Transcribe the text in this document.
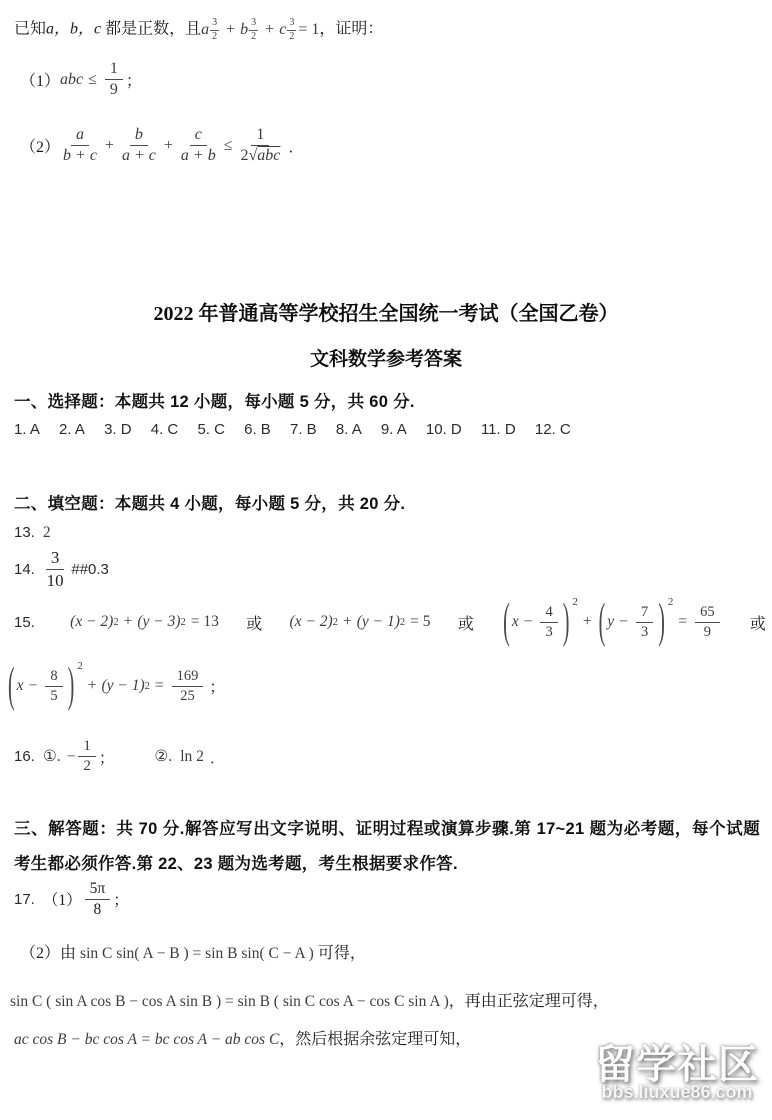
已知a，b，c 都是正数，且 a $\frac{3}{2} + b \frac{3}{2} + c \frac{3}{2} = 1$ ，证明：
（1） abc ≤ $\frac{1}{9}$ ；
$(2) \frac{a}{b + c} + \frac{b}{a + c} + \frac{c}{a + b} \le \frac{1}{\text{2√abc}}$ ．
2022 年普通高等学校招生全国统一考试（全国乙卷）
文科数学参考答案
一、选择题：本题共 12 小题，每小题 5 分，共 60 分.
1. A 2. A 3. D 4. C 5. C 6. B 7. B 8. A 9. A 10. D 11. D 12. C
二、填空题：本题共 4 小题，每小题 5 分，共 20 分.
13. 2
14. $\frac{3}{10}$ ##0.3
15. (x − 2) 2 + (y − 3) 2 = 13 或 (x − 2) 2 + (y − 1) 2 = 5 或 ( $x - \frac{4}{3}$ ) 2
+ ( $y - \frac{7}{3}$ ) 2
= $\frac{65}{9}$ 或
( $x - \frac{8}{5}$ ) 2
+ (y − 1) $2 = \frac{169}{25}$ ；
16. ①. − $\frac{1}{2}$ ；	②. ln 2 ．
三、解答题：共 70 分.解答应写出文字说明、证明过程或演算步骤.第 17~21 题为必考题，每个试题考生都必须作答.第 22、23 题为选考题，考生根据要求作答.
17. $(1) \frac{5\pi}{8}$ ；
（2）由 sin C sin( A − B ) = sin B sin( C − A ) 可得，
sin C ( sin A cos B − cos A sin B ) = sin B ( sin C cos A − cos C sin A )，再由正弦定理可得，
ac cos B − bc cos A = bc cos A − ab cos C，然后根据余弦定理可知，
留学社区
bbs.liuxue86.com
